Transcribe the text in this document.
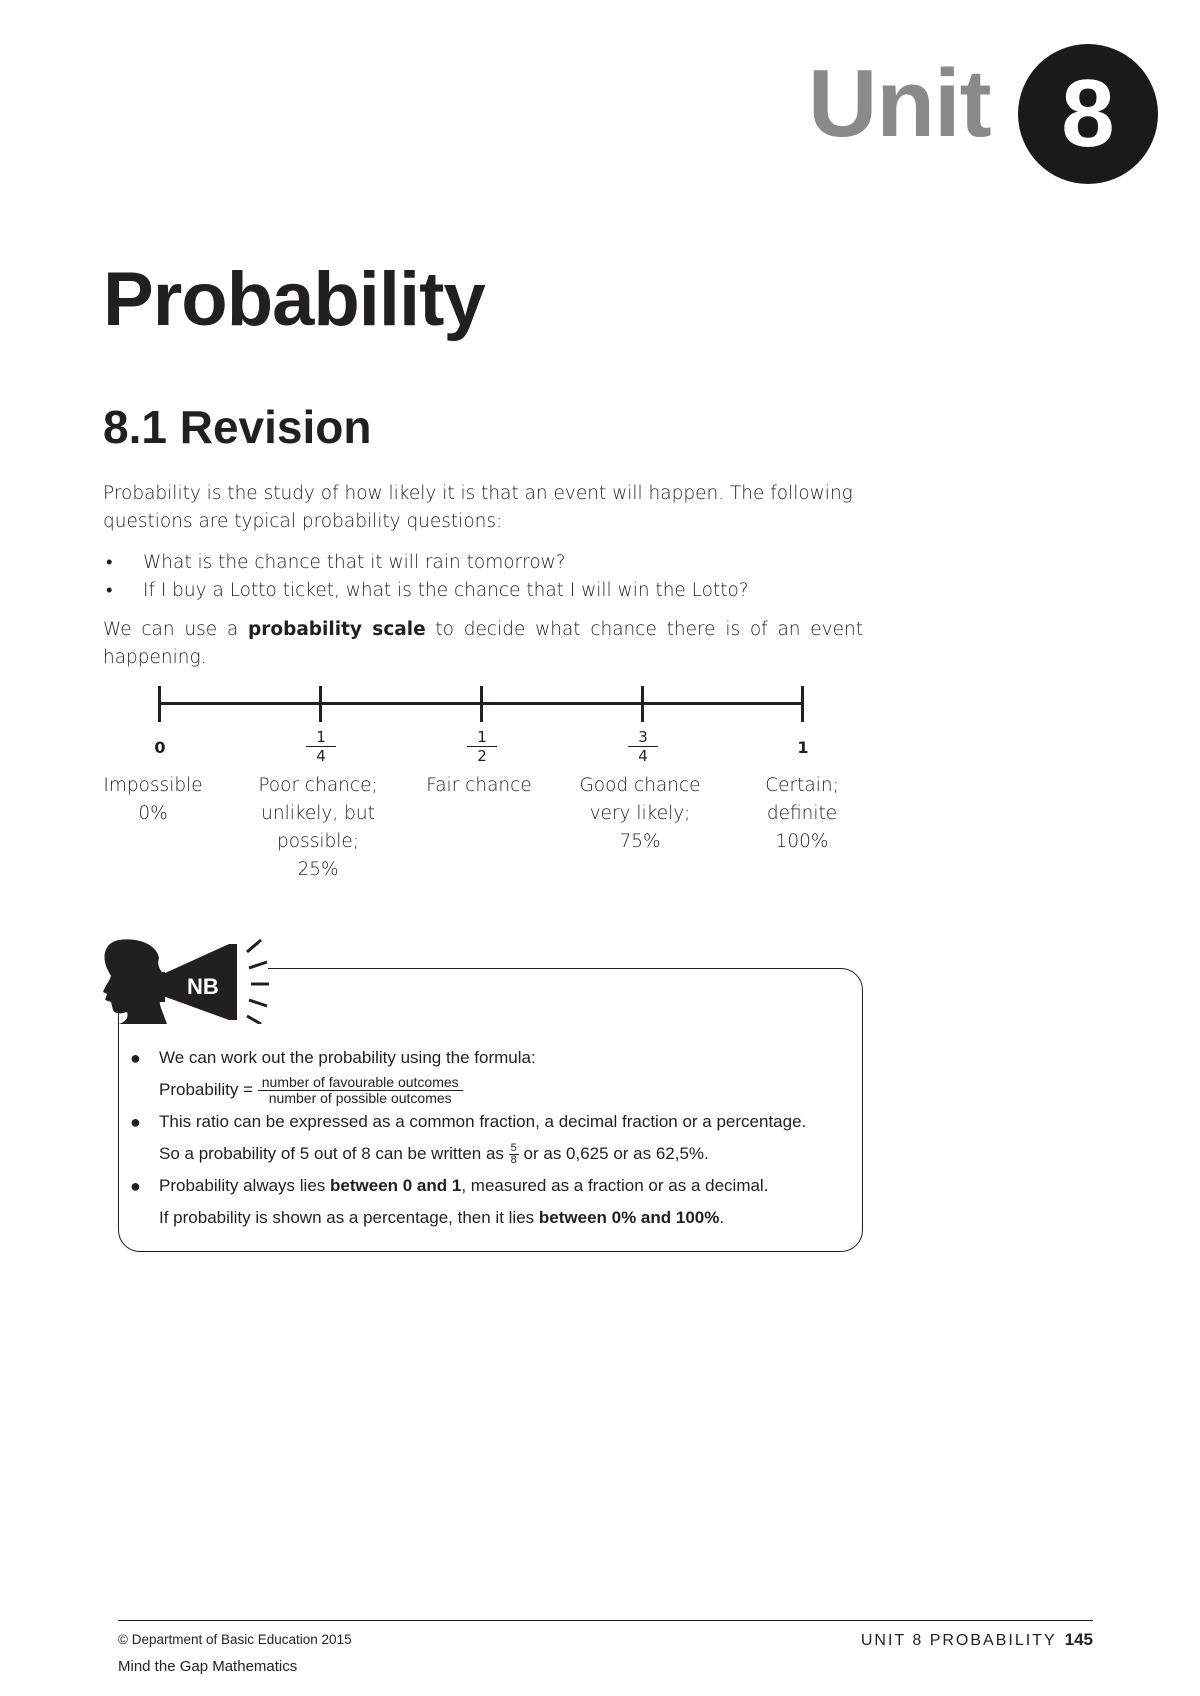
Unit 8
Probability
8.1 Revision

Probability is the study of how likely it is that an event will happen. The following questions are typical probability questions:

• What is the chance that it will rain tomorrow?
• If I buy a Lotto ticket, what is the chance that I will win the Lotto?

We can use a probability scale to decide what chance there is of an event happening.

0	$\frac{1}{4}$	$\frac{1}{2}$	$\frac{3}{4}$	1
Impossible
0%
Poor chance;
unlikely, but
possible;
25%
Fair chance	Good chance
very likely;
75%
Certain;
definite
100%
NB
● We can work out the probability using the formula:
Probability = $\frac{\text{number of favourable outcomes}}{\text{number of possible outcomes}}$
● This ratio can be expressed as a common fraction, a decimal fraction or a percentage.
So a probability of 5 out of 8 can be written as $\frac{5}{8}$ or as 0,625 or as 62,5%.
● Probability always lies between 0 and 1, measured as a fraction or as a decimal.
If probability is shown as a percentage, then it lies between 0% and 100%.
© Department of Basic Education 2015
Mind the Gap Mathematics
UNIT 8 PROBABILITY 145
